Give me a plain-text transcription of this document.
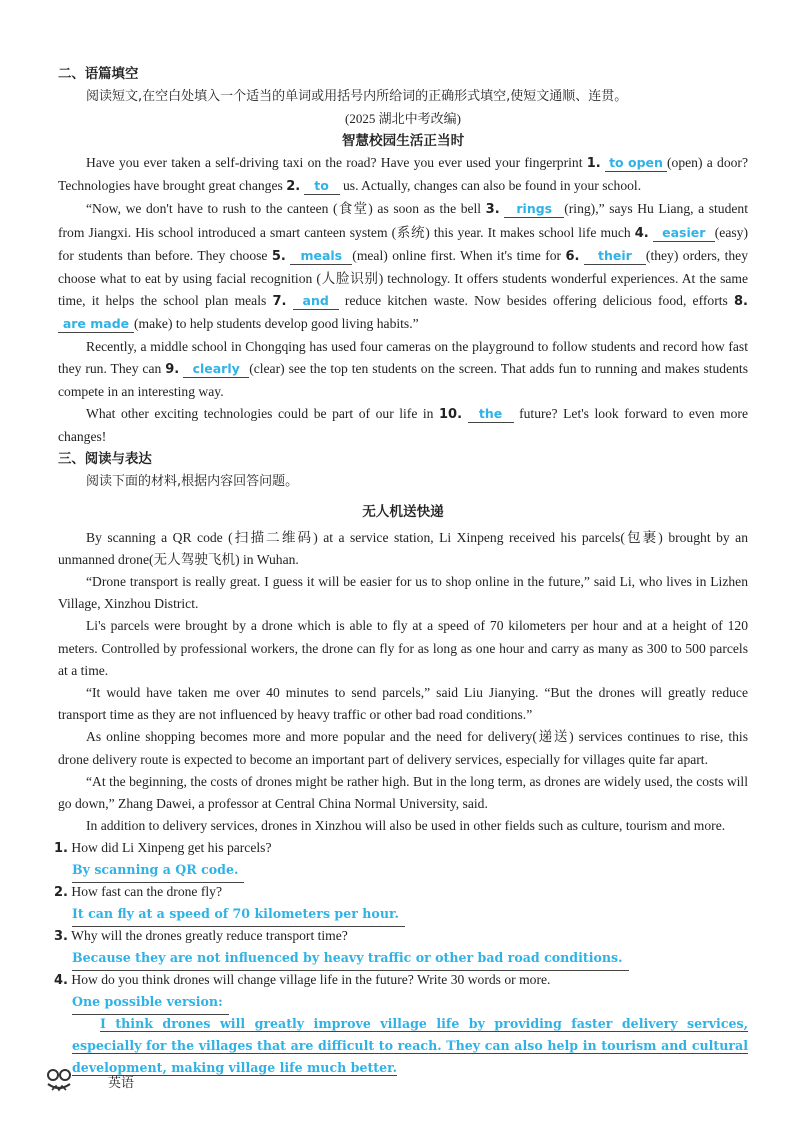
二、语篇填空

阅读短文,在空白处填入一个适当的单词或用括号内所给词的正确形式填空,使短文通顺、连贯。

(2025 湖北中考改编)

智慧校园生活正当时

Have you ever taken a self-driving taxi on the road? Have you ever used your fingerprint 1. to open (open) a door? Technologies have brought great changes 2. to us. Actually, changes can also be found in your school.

“Now, we don't have to rush to the canteen (食堂) as soon as the bell 3. rings (ring),” says Hu Liang, a student from Jiangxi. His school introduced a smart canteen system (系统) this year. It makes school life much 4. easier (easy) for students than before. They choose 5. meals (meal) online first. When it's time for 6. their (they) orders, they choose what to eat by using facial recognition (人脸识别) technology. It offers students wonderful experiences. At the same time, it helps the school plan meals 7. and reduce kitchen waste. Now besides offering delicious food, efforts 8. are made (make) to help students develop good living habits.”

Recently, a middle school in Chongqing has used four cameras on the playground to follow students and record how fast they run. They can 9. clearly (clear) see the top ten students on the screen. That adds fun to running and makes students compete in an interesting way.

What other exciting technologies could be part of our life in 10. the future? Let's look forward to even more changes!

三、阅读与表达

阅读下面的材料,根据内容回答问题。

无人机送快递

By scanning a QR code (扫描二维码) at a service station, Li Xinpeng received his parcels(包裹) brought by an unmanned drone(无人驾驶飞机) in Wuhan.

“Drone transport is really great. I guess it will be easier for us to shop online in the future,” said Li, who lives in Lizhen Village, Xinzhou District.

Li's parcels were brought by a drone which is able to fly at a speed of 70 kilometers per hour and at a height of 120 meters. Controlled by professional workers, the drone can fly for as long as one hour and carry as many as 300 to 500 parcels at a time.

“It would have taken me over 40 minutes to send parcels,” said Liu Jianying. “But the drones will greatly reduce transport time as they are not influenced by heavy traffic or other bad road conditions.”

As online shopping becomes more and more popular and the need for delivery(递送) services continues to rise, this drone delivery route is expected to become an important part of delivery services, especially for villages quite far apart.

“At the beginning, the costs of drones might be rather high. But in the long term, as drones are widely used, the costs will go down,” Zhang Dawei, a professor at Central China Normal University, said.

In addition to delivery services, drones in Xinzhou will also be used in other fields such as culture, tourism and more.

1. How did Li Xinpeng get his parcels?

By scanning a QR code.

2. How fast can the drone fly?

It can fly at a speed of 70 kilometers per hour.

3. Why will the drones greatly reduce transport time?

Because they are not influenced by heavy traffic or other bad road conditions.

4. How do you think drones will change village life in the future? Write 30 words or more.

One possible version:

I think drones will greatly improve village life by providing faster delivery services, especially for the villages that are difficult to reach. They can also help in tourism and cultural development, making village life much better.

英语
